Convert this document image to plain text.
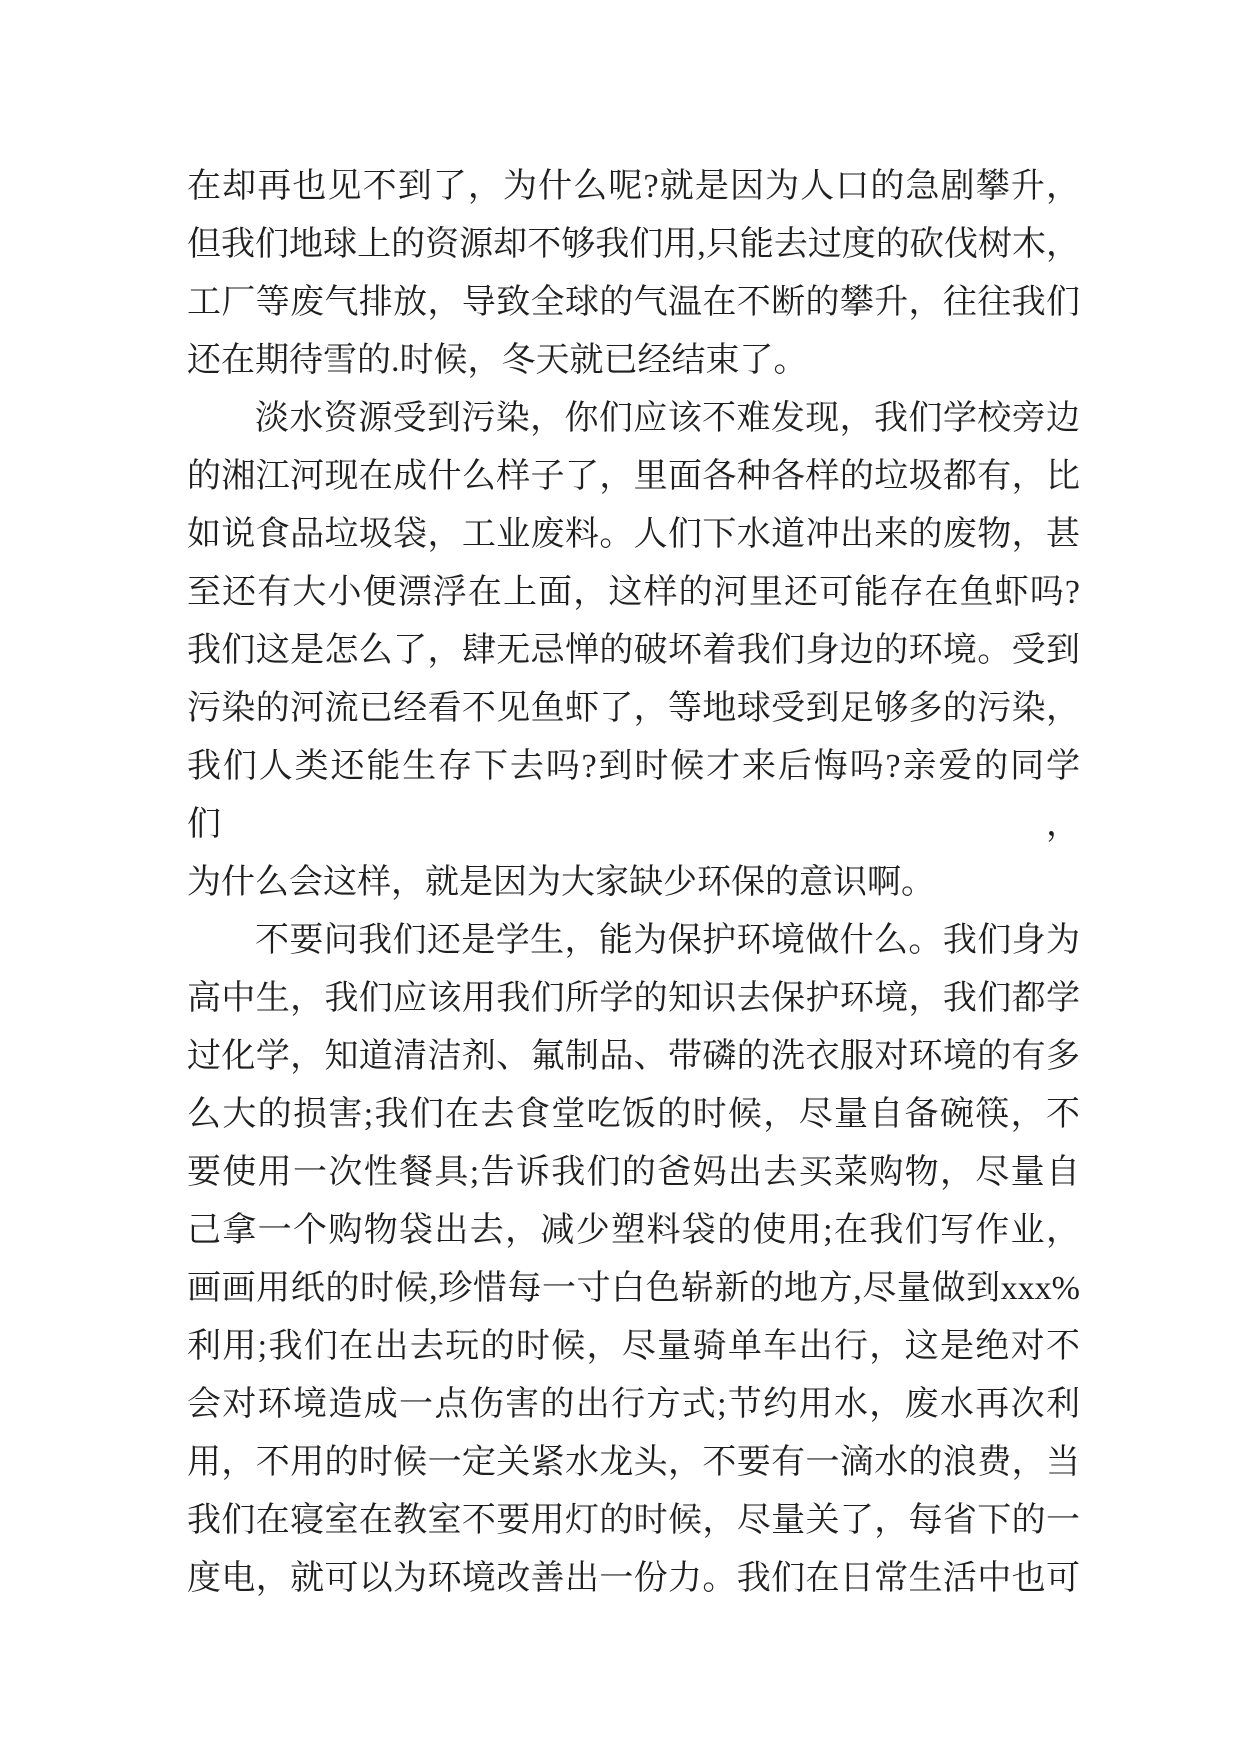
在却再也见不到了，为什么呢?就是因为人口的急剧攀升，
但我们地球上的资源却不够我们用,只能去过度的砍伐树木，
工厂等废气排放，导致全球的气温在不断的攀升，往往我们
还在期待雪的.时候，冬天就已经结束了。
淡水资源受到污染，你们应该不难发现，我们学校旁边
的湘江河现在成什么样子了，里面各种各样的垃圾都有，比
如说食品垃圾袋，工业废料。人们下水道冲出来的废物，甚
至还有大小便漂浮在上面，这样的河里还可能存在鱼虾吗?
我们这是怎么了，肆无忌惮的破坏着我们身边的环境。受到
污染的河流已经看不见鱼虾了，等地球受到足够多的污染，
我们人类还能生存下去吗?到时候才来后悔吗?亲爱的同学们，
为什么会这样，就是因为大家缺少环保的意识啊。
不要问我们还是学生，能为保护环境做什么。我们身为
高中生，我们应该用我们所学的知识去保护环境，我们都学
过化学，知道清洁剂、氟制品、带磷的洗衣服对环境的有多
么大的损害;我们在去食堂吃饭的时候，尽量自备碗筷，不
要使用一次性餐具;告诉我们的爸妈出去买菜购物，尽量自
己拿一个购物袋出去，减少塑料袋的使用;在我们写作业，
画画用纸的时候,珍惜每一寸白色崭新的地方,尽量做到xxx%
利用;我们在出去玩的时候，尽量骑单车出行，这是绝对不
会对环境造成一点伤害的出行方式;节约用水，废水再次利
用，不用的时候一定关紧水龙头，不要有一滴水的浪费，当
我们在寝室在教室不要用灯的时候，尽量关了，每省下的一
度电，就可以为环境改善出一份力。我们在日常生活中也可
